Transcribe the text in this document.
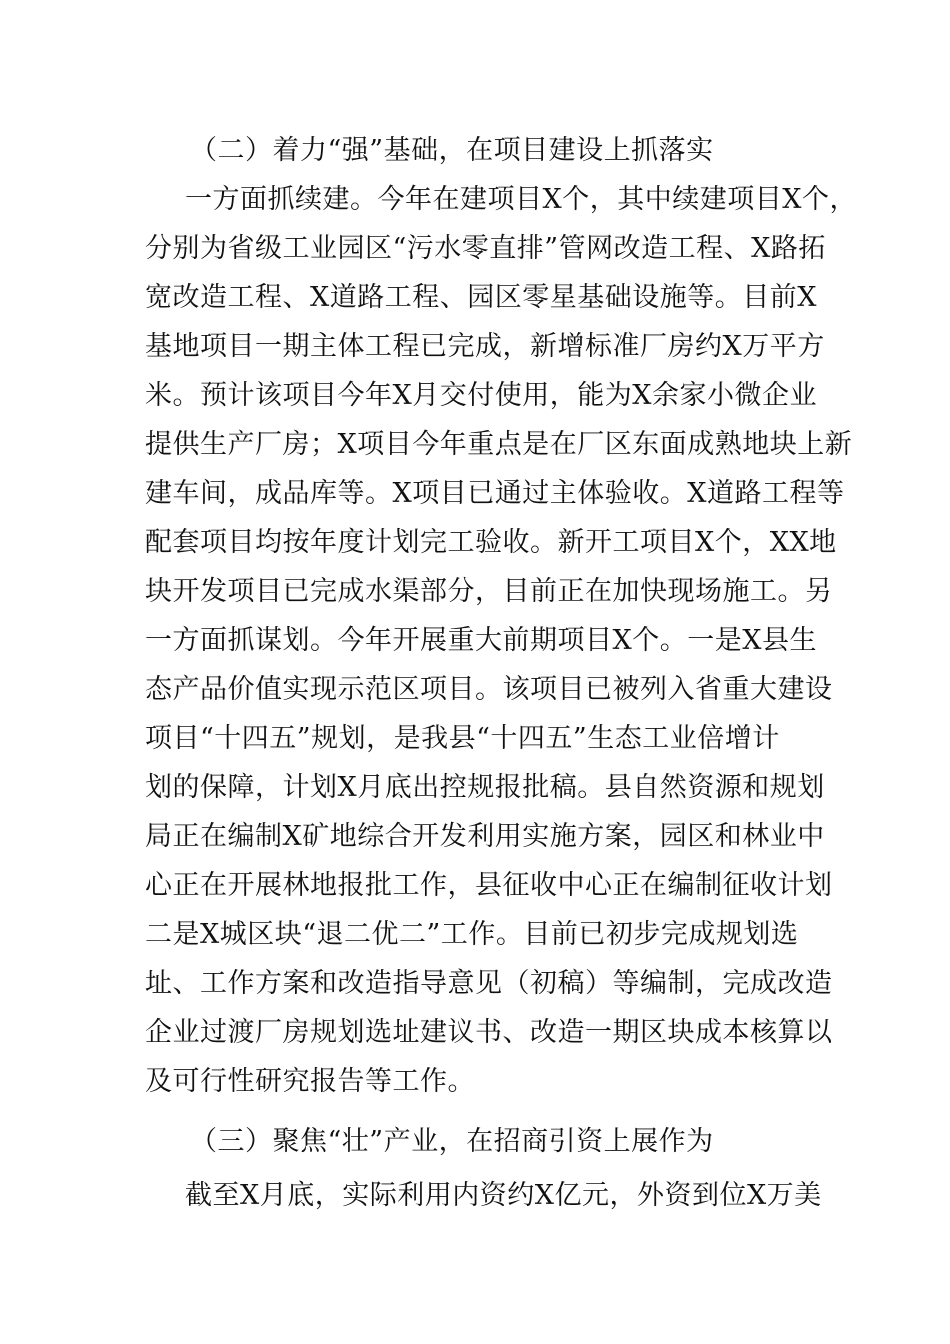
（二）着力“强”基础，在项目建设上抓落实
一方面抓续建。今年在建项目X个，其中续建项目X个，
分别为省级工业园区“污水零直排”管网改造工程、X路拓
宽改造工程、X道路工程、园区零星基础设施等。目前X
基地项目一期主体工程已完成，新增标准厂房约X万平方
米。预计该项目今年X月交付使用，能为X余家小微企业
提供生产厂房；X项目今年重点是在厂区东面成熟地块上新
建车间，成品库等。X项目已通过主体验收。X道路工程等
配套项目均按年度计划完工验收。新开工项目X个，XX地
块开发项目已完成水渠部分，目前正在加快现场施工。另
一方面抓谋划。今年开展重大前期项目X个。一是X县生
态产品价值实现示范区项目。该项目已被列入省重大建设
项目“十四五”规划，是我县“十四五”生态工业倍增计
划的保障，计划X月底出控规报批稿。县自然资源和规划
局正在编制X矿地综合开发利用实施方案，园区和林业中
心正在开展林地报批工作，县征收中心正在编制征收计划
二是X城区块“退二优二”工作。目前已初步完成规划选
址、工作方案和改造指导意见（初稿）等编制，完成改造
企业过渡厂房规划选址建议书、改造一期区块成本核算以
及可行性研究报告等工作。
（三）聚焦“壮”产业，在招商引资上展作为
截至X月底，实际利用内资约X亿元，外资到位X万美
